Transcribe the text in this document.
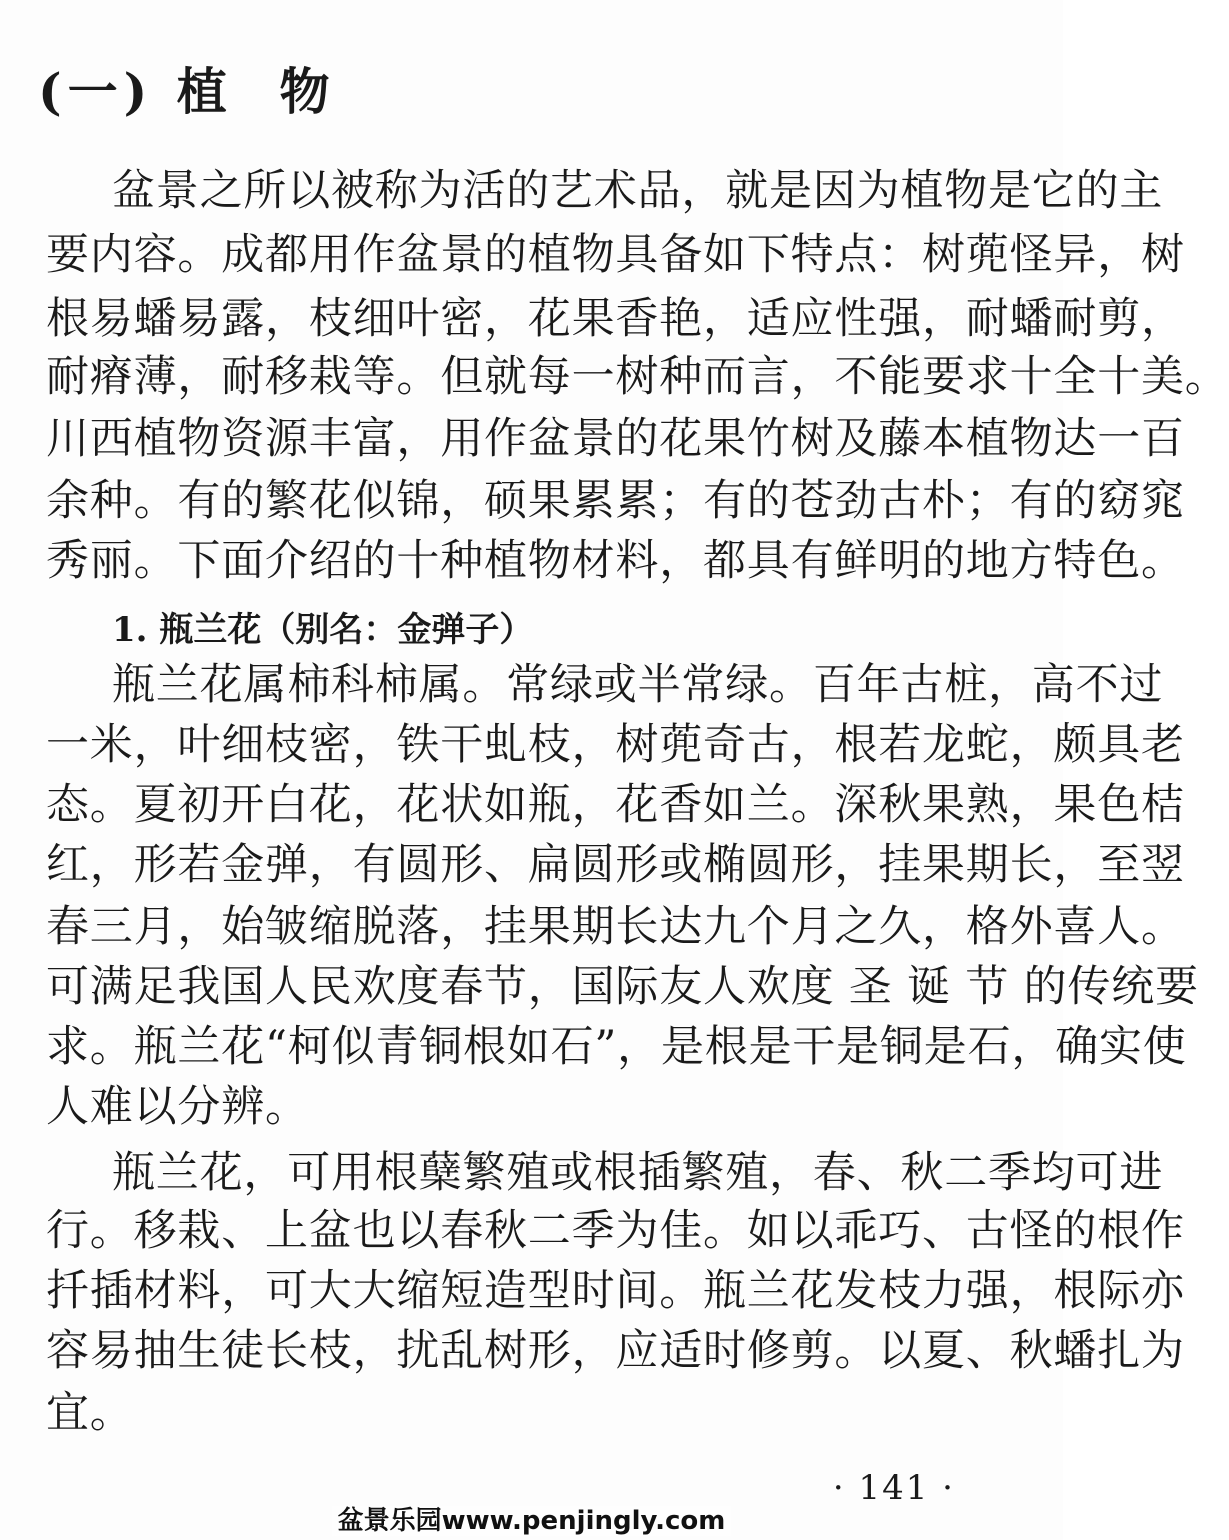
(一) 植  物
盆景之所以被称为活的艺术品，就是因为植物是它的主
要内容。成都用作盆景的植物具备如下特点：树蔸怪异，树
根易蟠易露，枝细叶密，花果香艳，适应性强，耐蟠耐剪，
耐瘠薄，耐移栽等。但就每一树种而言，不能要求十全十美。
川西植物资源丰富，用作盆景的花果竹树及藤本植物达一百
余种。有的繁花似锦，硕果累累；有的苍劲古朴；有的窈窕
秀丽。下面介绍的十种植物材料，都具有鲜明的地方特色。
1. 瓶兰花（别名：金弹子）
瓶兰花属柿科柿属。常绿或半常绿。百年古桩，高不过
一米，叶细枝密，铁干虬枝，树蔸奇古，根若龙蛇，颇具老
态。夏初开白花，花状如瓶，花香如兰。深秋果熟，果色桔
红，形若金弹，有圆形、扁圆形或椭圆形，挂果期长，至翌
春三月，始皱缩脱落，挂果期长达九个月之久，格外喜人。
可满足我国人民欢度春节，国际友人欢度 圣 诞 节 的传统要
求。瓶兰花“柯似青铜根如石”，是根是干是铜是石，确实使
人难以分辨。
瓶兰花，可用根蘖繁殖或根插繁殖，春、秋二季均可进
行。移栽、上盆也以春秋二季为佳。如以乖巧、古怪的根作
扦插材料，可大大缩短造型时间。瓶兰花发枝力强，根际亦
容易抽生徒长枝，扰乱树形，应适时修剪。以夏、秋蟠扎为
宜。
· 141 ·
盆景乐园www.penjingly.com
